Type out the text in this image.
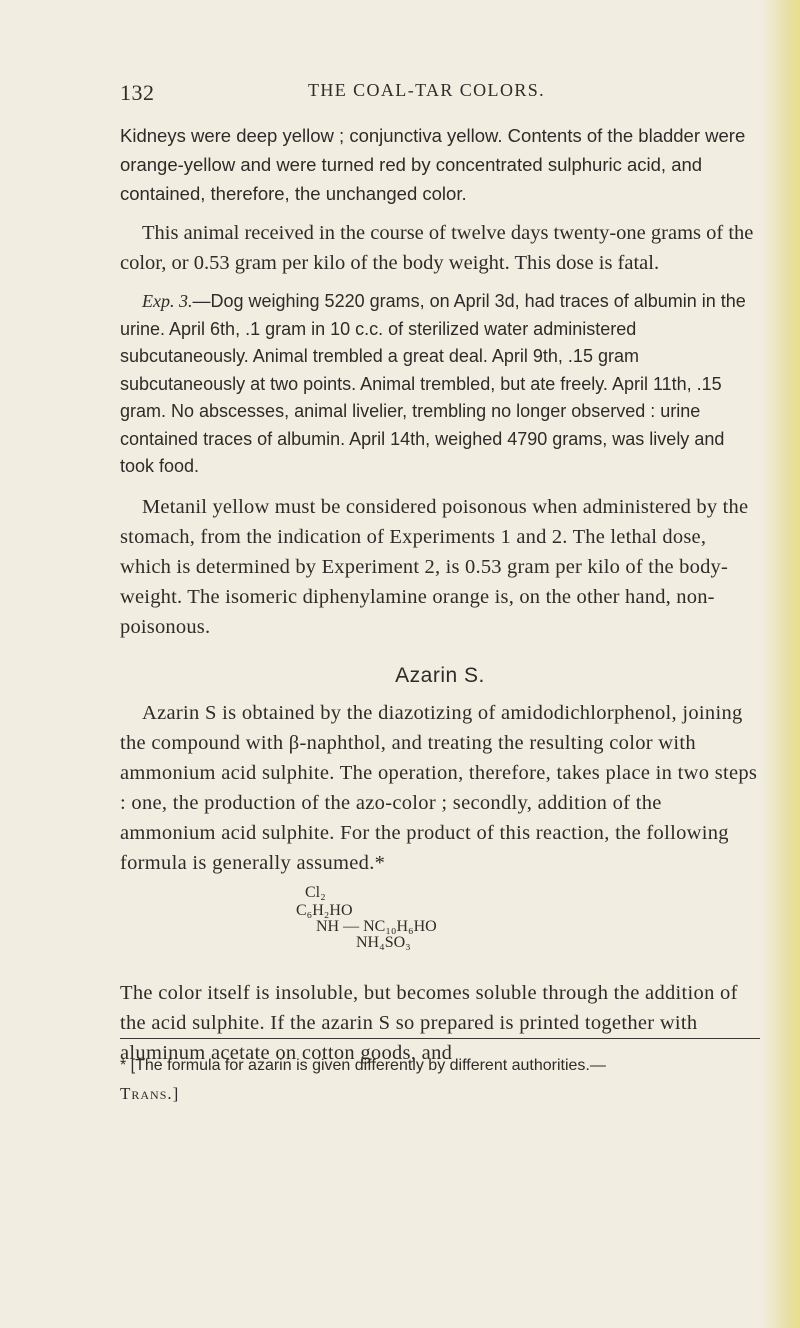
132	THE COAL-TAR COLORS.

Kidneys were deep yellow ; conjunctiva yellow. Contents of the bladder were orange-yellow and were turned red by concentrated sulphuric acid, and contained, therefore, the unchanged color.

This animal received in the course of twelve days twenty-one grams of the color, or 0.53 gram per kilo of the body weight. This dose is fatal.

Exp. 3.—Dog weighing 5220 grams, on April 3d, had traces of albumin in the urine. April 6th, .1 gram in 10 c.c. of sterilized water administered subcutaneously. Animal trembled a great deal. April 9th, .15 gram subcutaneously at two points. Animal trembled, but ate freely. April 11th, .15 gram. No abscesses, animal livelier, trembling no longer observed : urine contained traces of albumin. April 14th, weighed 4790 grams, was lively and took food.

Metanil yellow must be considered poisonous when administered by the stomach, from the indication of Experiments 1 and 2. The lethal dose, which is determined by Experiment 2, is 0.53 gram per kilo of the body-weight. The isomeric diphenylamine orange is, on the other hand, non-poisonous.

Azarin S.

Azarin S is obtained by the diazotizing of amidodichlorphenol, joining the compound with β-naphthol, and treating the resulting color with ammonium acid sulphite. The operation, therefore, takes place in two steps : one, the production of the azo-color ; secondly, addition of the ammonium acid sulphite. For the product of this reaction, the following formula is generally assumed.*

Cl₂
C₆H₂HO
NH — NC₁₀H₆HO
NH₄SO₃

The color itself is insoluble, but becomes soluble through the addition of the acid sulphite. If the azarin S so prepared is printed together with aluminum acetate on cotton goods, and

* [The formula for azarin is given differently by different authorities.—
Trans.]
